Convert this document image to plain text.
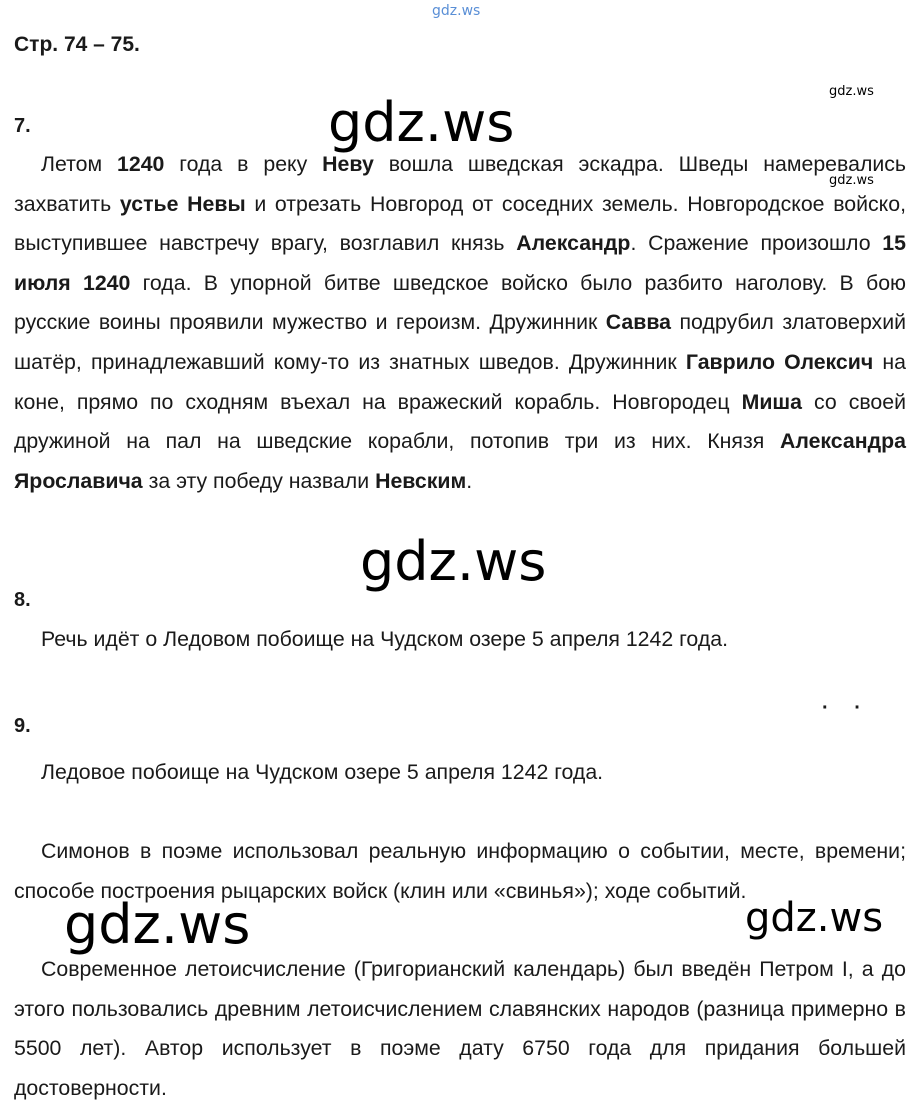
gdz.ws
gdz.ws
gdz.ws
gdz.ws
gdz.ws
gdz.ws	gdz.ws
Стр. 74 – 75.
7.

Летом 1240 года в реку Неву вошла шведская эскадра. Шведы намеревались захватить устье Невы и отрезать Новгород от соседних земель. Новгородское войско, выступившее навстречу врагу, возглавил князь Александр. Сражение произошло 15 июля 1240 года. В упорной битве шведское войско было разбито наголову. В бою русские воины проявили мужество и героизм. Дружинник Савва подрубил златоверхий шатёр, принадлежавший кому-то из знатных шведов. Дружинник Гаврило Олексич на коне, прямо по сходням въехал на вражеский корабль. Новгородец Миша со своей дружиной на пал на шведские корабли, потопив три из них. Князя Александра Ярославича за эту победу назвали Невским.

8.
Речь идёт о Ледовом побоище на Чудском озере 5 апреля 1242 года.
· ·
9.
Ледовое побоище на Чудском озере 5 апреля 1242 года.

Симонов в поэме использовал реальную информацию о событии, месте, времени; способе построения рыцарских войск (клин или «свинья»); ходе событий.

Современное летоисчисление (Григорианский календарь) был введён Петром I, а до этого пользовались древним летоисчислением славянских народов (разница примерно в 5500 лет). Автор использует в поэме дату 6750 года для придания большей достоверности.
